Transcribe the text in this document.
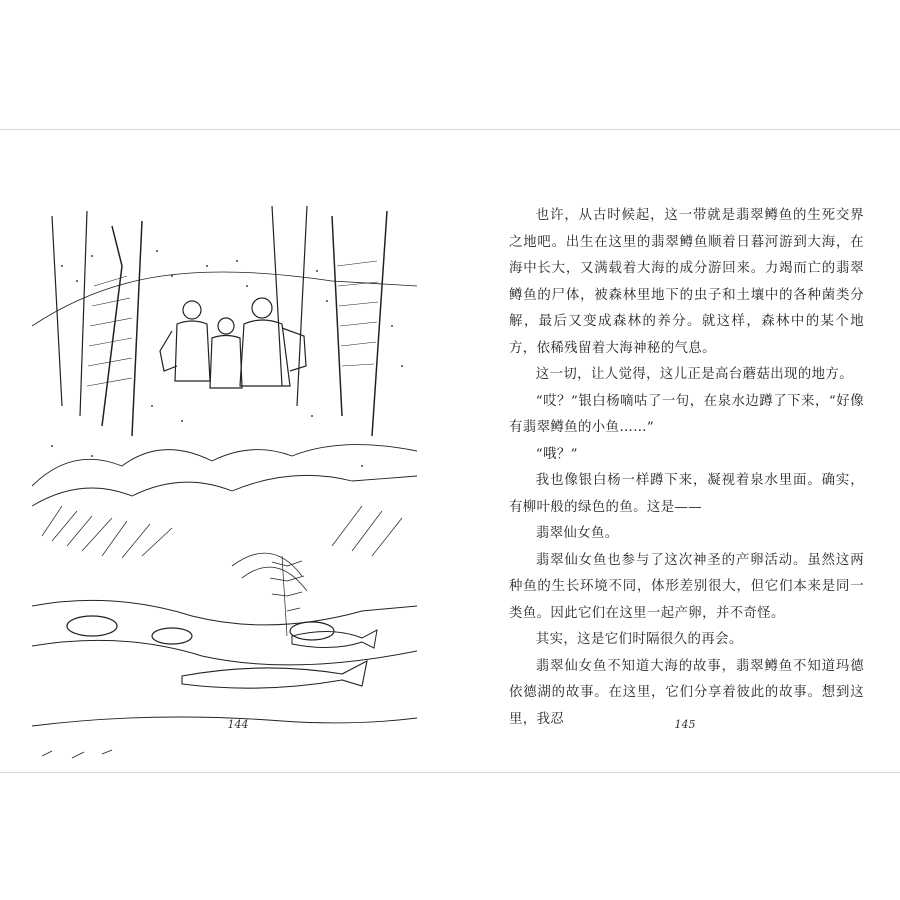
144

也许，从古时候起，这一带就是翡翠鳟鱼的生死交界之地吧。出生在这里的翡翠鳟鱼顺着日暮河游到大海，在海中长大，又满载着大海的成分游回来。力竭而亡的翡翠鳟鱼的尸体，被森林里地下的虫子和土壤中的各种菌类分解，最后又变成森林的养分。就这样，森林中的某个地方，依稀残留着大海神秘的气息。

这一切，让人觉得，这儿正是高台蘑菇出现的地方。

“哎？”银白杨嘀咕了一句，在泉水边蹲了下来，“好像有翡翠鳟鱼的小鱼……”

“哦？”

我也像银白杨一样蹲下来，凝视着泉水里面。确实，有柳叶般的绿色的鱼。这是——

翡翠仙女鱼。

翡翠仙女鱼也参与了这次神圣的产卵活动。虽然这两种鱼的生长环境不同，体形差别很大，但它们本来是同一类鱼。因此它们在这里一起产卵，并不奇怪。

其实，这是它们时隔很久的再会。

翡翠仙女鱼不知道大海的故事，翡翠鳟鱼不知道玛德依德湖的故事。在这里，它们分享着彼此的故事。想到这里，我忍	145
